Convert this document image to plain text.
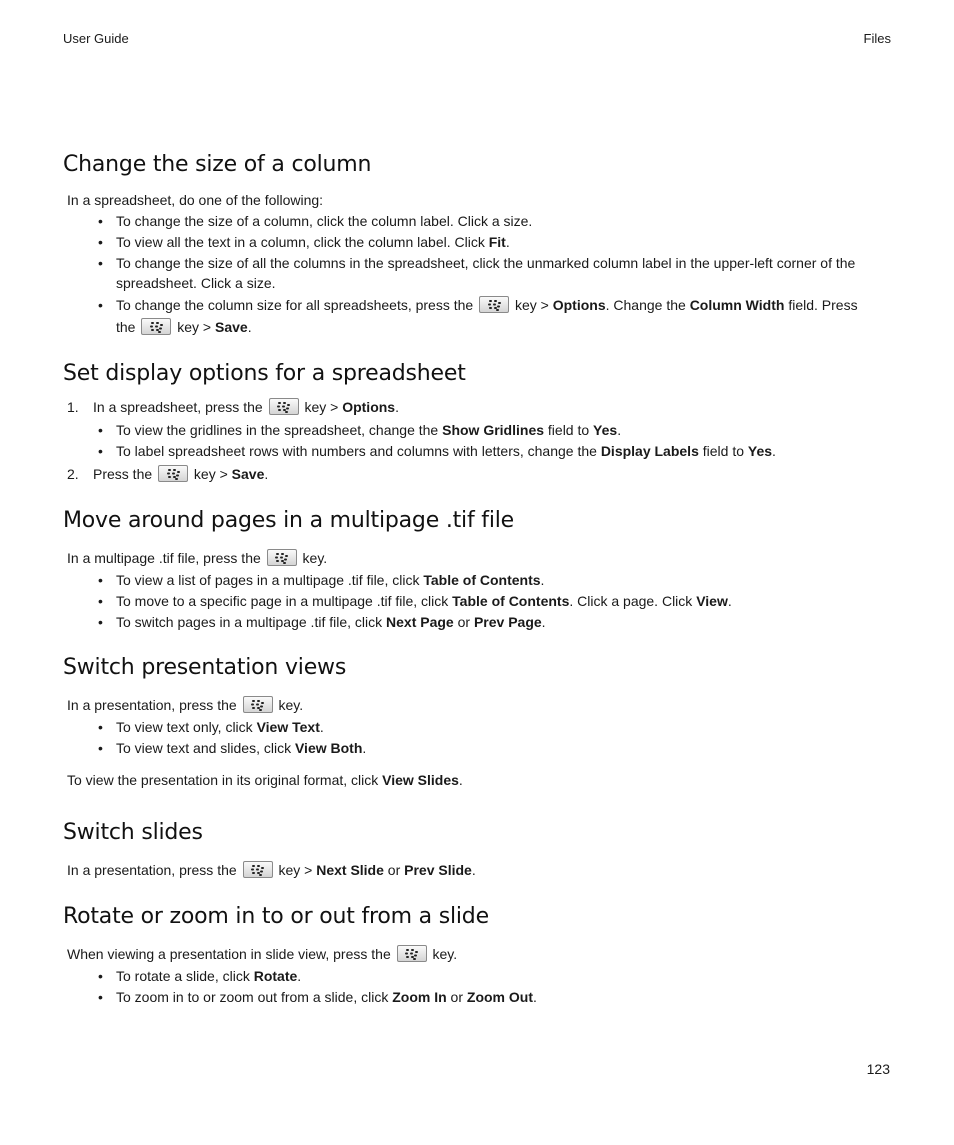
User Guide	Files
Change the size of a column

In a spreadsheet, do one of the following:

• To change the size of a column, click the column label. Click a size.
• To view all the text in a column, click the column label. Click Fit.
• To change the size of all the columns in the spreadsheet, click the unmarked column label in the upper-left corner of the spreadsheet. Click a size.
• To change the column size for all spreadsheets, press the	key > Options. Change the Column Width field. Press the	key > Save.
Set display options for a spreadsheet
1. In a spreadsheet, press the	key > Options.
• To view the gridlines in the spreadsheet, change the Show Gridlines field to Yes.
• To label spreadsheet rows with numbers and columns with letters, change the Display Labels field to Yes.
2. Press the	key > Save.
Move around pages in a multipage .tif file

In a multipage .tif file, press the	key.

• To view a list of pages in a multipage .tif file, click Table of Contents.
• To move to a specific page in a multipage .tif file, click Table of Contents. Click a page. Click View.
• To switch pages in a multipage .tif file, click Next Page or Prev Page.
Switch presentation views

In a presentation, press the	key.

• To view text only, click View Text.
• To view text and slides, click View Both.

To view the presentation in its original format, click View Slides.

Switch slides

In a presentation, press the	key > Next Slide or Prev Slide.

Rotate or zoom in to or out from a slide

When viewing a presentation in slide view, press the	key.

• To rotate a slide, click Rotate.
• To zoom in to or zoom out from a slide, click Zoom In or Zoom Out.
123
